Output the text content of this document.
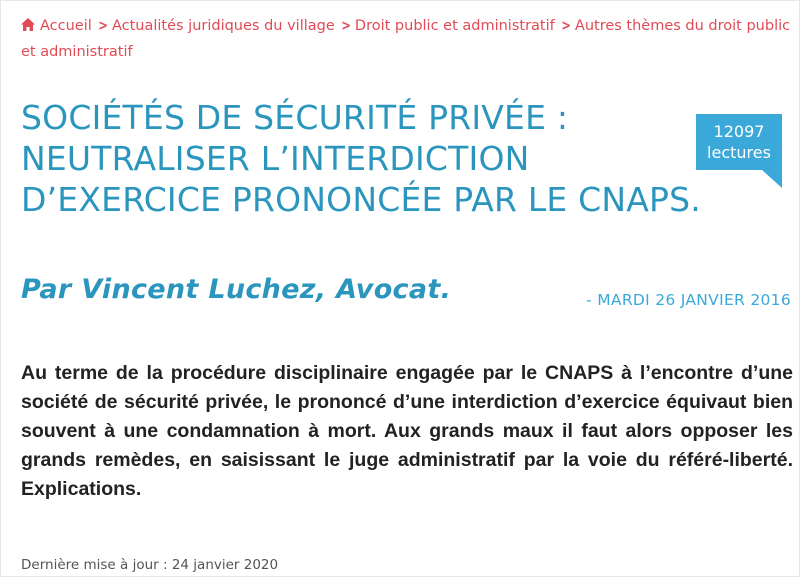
Accueil > Actualités juridiques du village > Droit public et administratif > Autres thèmes du droit public et administratif
SOCIÉTÉS DE SÉCURITÉ PRIVÉE : NEUTRALISER L’INTERDICTION D’EXERCICE PRONONCÉE PAR LE CNAPS.
12097
lectures
Par Vincent Luchez, Avocat.	- MARDI 26 JANVIER 2016

Au terme de la procédure disciplinaire engagée par le CNAPS à l’encontre d’une société de sécurité privée, le prononcé d’une interdiction d’exercice équivaut bien souvent à une condamnation à mort. Aux grands maux il faut alors opposer les grands remèdes, en saisissant le juge administratif par la voie du référé-liberté. Explications.

Dernière mise à jour : 24 janvier 2020
